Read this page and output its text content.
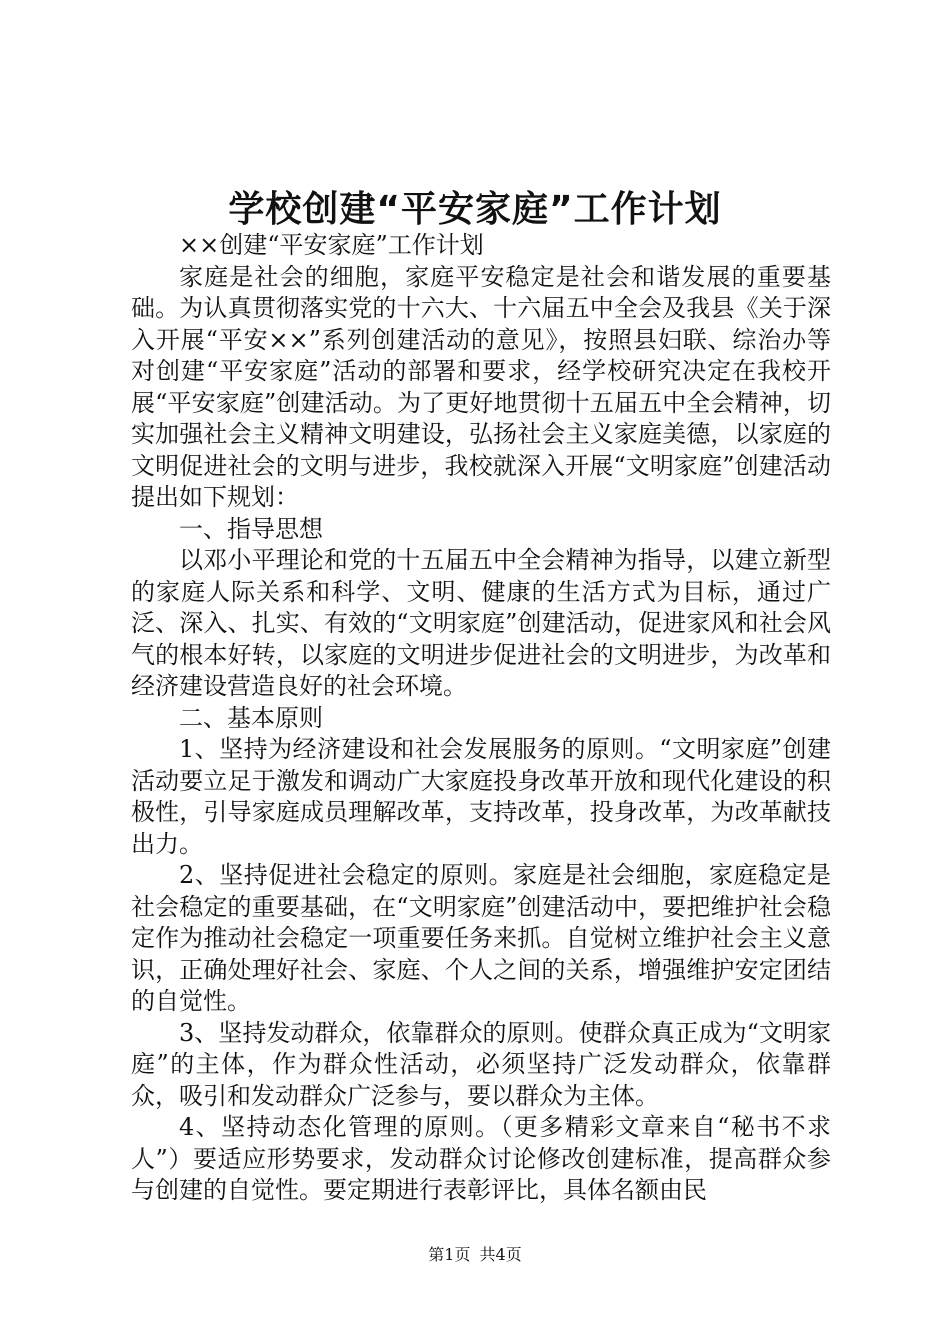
学校创建“平安家庭”工作计划

××创建“平安家庭”工作计划

家庭是社会的细胞，家庭平安稳定是社会和谐发展的重要基础。为认真贯彻落实党的十六大、十六届五中全会及我县《关于深入开展“平安××”系列创建活动的意见》，按照县妇联、综治办等对创建“平安家庭”活动的部署和要求，经学校研究决定在我校开展“平安家庭”创建活动。为了更好地贯彻十五届五中全会精神，切实加强社会主义精神文明建设，弘扬社会主义家庭美德，以家庭的文明促进社会的文明与进步，我校就深入开展“文明家庭”创建活动提出如下规划：

一、指导思想

以邓小平理论和党的十五届五中全会精神为指导，以建立新型的家庭人际关系和科学、文明、健康的生活方式为目标，通过广泛、深入、扎实、有效的“文明家庭”创建活动，促进家风和社会风气的根本好转，以家庭的文明进步促进社会的文明进步，为改革和经济建设营造良好的社会环境。

二、基本原则

1、坚持为经济建设和社会发展服务的原则。“文明家庭”创建活动要立足于激发和调动广大家庭投身改革开放和现代化建设的积极性，引导家庭成员理解改革，支持改革，投身改革，为改革献技出力。

2、坚持促进社会稳定的原则。家庭是社会细胞，家庭稳定是社会稳定的重要基础，在“文明家庭”创建活动中，要把维护社会稳定作为推动社会稳定一项重要任务来抓。自觉树立维护社会主义意识，正确处理好社会、家庭、个人之间的关系，增强维护安定团结的自觉性。

3、坚持发动群众，依靠群众的原则。使群众真正成为“文明家庭”的主体，作为群众性活动，必须坚持广泛发动群众，依靠群众，吸引和发动群众广泛参与，要以群众为主体。

4、坚持动态化管理的原则。（更多精彩文章来自“秘书不求人”）要适应形势要求，发动群众讨论修改创建标准，提高群众参与创建的自觉性。要定期进行表彰评比，具体名额由民

第1页 共4页
